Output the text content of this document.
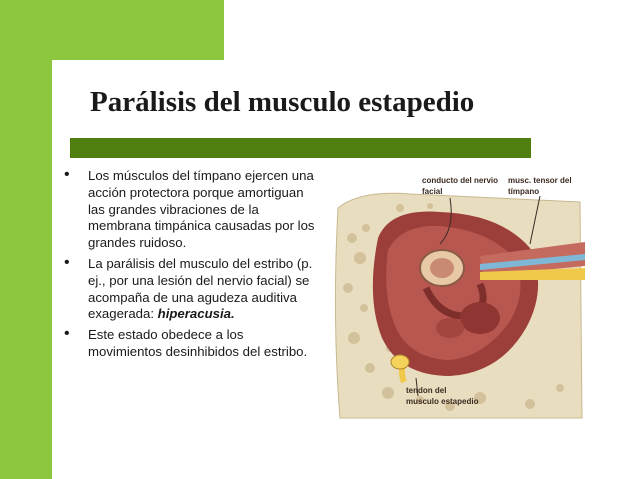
Parálisis del musculo estapedio
• Los músculos del tímpano ejercen una acción protectora porque amortiguan las grandes vibraciones de la membrana timpánica causadas por los grandes ruidoso.
• La parálisis del musculo del estribo (p. ej., por una lesión del nervio facial) se acompaña de una agudeza auditiva exagerada: hiperacusia.
• Este estado obedece a los movimientos desinhibidos del estribo.
conducto del nervio
facial
musc. tensor del
tímpano
tendon del
musculo estapedio
